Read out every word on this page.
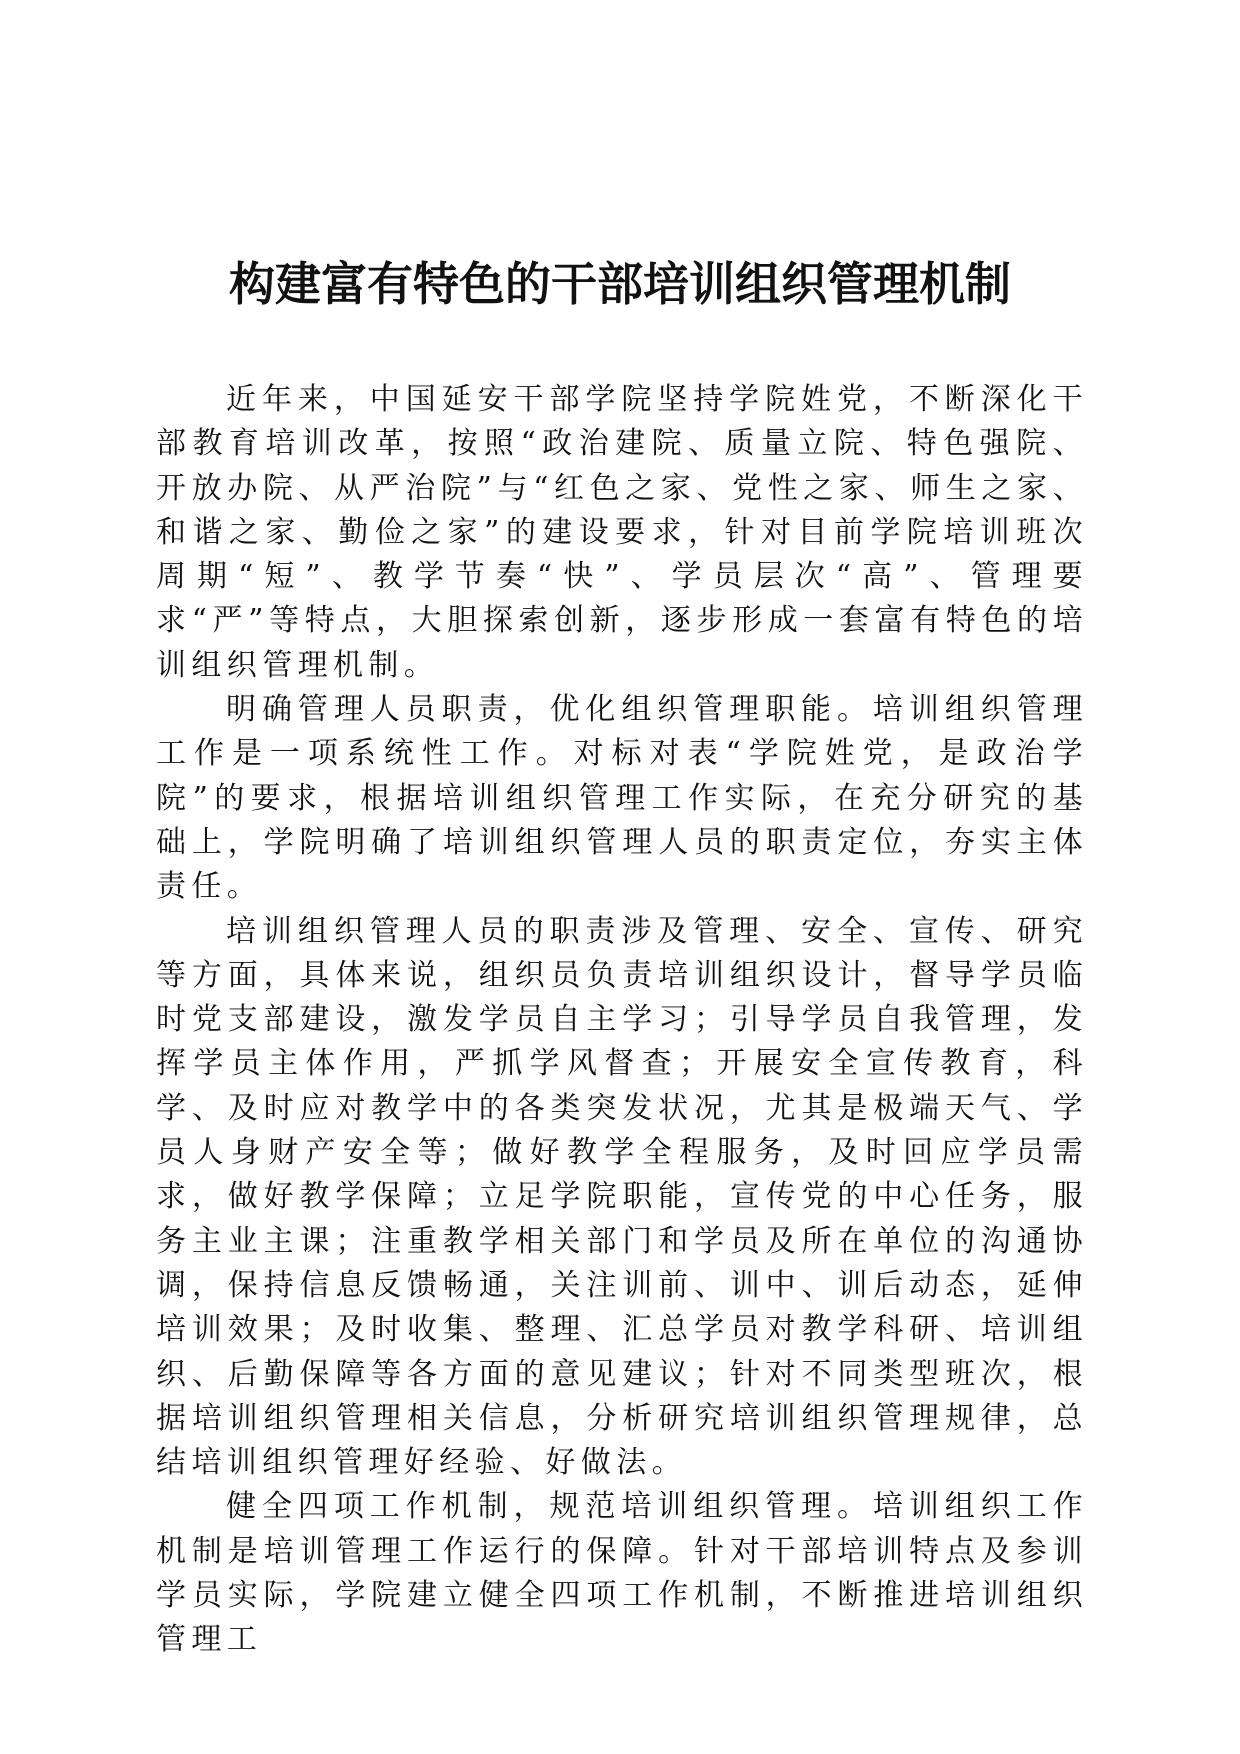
构建富有特色的干部培训组织管理机制

近年来，中国延安干部学院坚持学院姓党，不断深化干部教育培训改革，按照“政治建院、质量立院、特色强院、开放办院、从严治院”与“红色之家、党性之家、师生之家、和谐之家、勤俭之家”的建设要求，针对目前学院培训班次周期“短”、教学节奏“快”、学员层次“高”、管理要求“严”等特点，大胆探索创新，逐步形成一套富有特色的培训组织管理机制。

明确管理人员职责，优化组织管理职能。培训组织管理工作是一项系统性工作。对标对表“学院姓党，是政治学院”的要求，根据培训组织管理工作实际，在充分研究的基础上，学院明确了培训组织管理人员的职责定位，夯实主体责任。

培训组织管理人员的职责涉及管理、安全、宣传、研究等方面，具体来说，组织员负责培训组织设计，督导学员临时党支部建设，激发学员自主学习；引导学员自我管理，发挥学员主体作用，严抓学风督查；开展安全宣传教育，科学、及时应对教学中的各类突发状况，尤其是极端天气、学员人身财产安全等；做好教学全程服务，及时回应学员需求，做好教学保障；立足学院职能，宣传党的中心任务，服务主业主课；注重教学相关部门和学员及所在单位的沟通协调，保持信息反馈畅通，关注训前、训中、训后动态，延伸培训效果；及时收集、整理、汇总学员对教学科研、培训组织、后勤保障等各方面的意见建议；针对不同类型班次，根据培训组织管理相关信息，分析研究培训组织管理规律，总结培训组织管理好经验、好做法。

健全四项工作机制，规范培训组织管理。培训组织工作机制是培训管理工作运行的保障。针对干部培训特点及参训学员实际，学院建立健全四项工作机制，不断推进培训组织管理工
